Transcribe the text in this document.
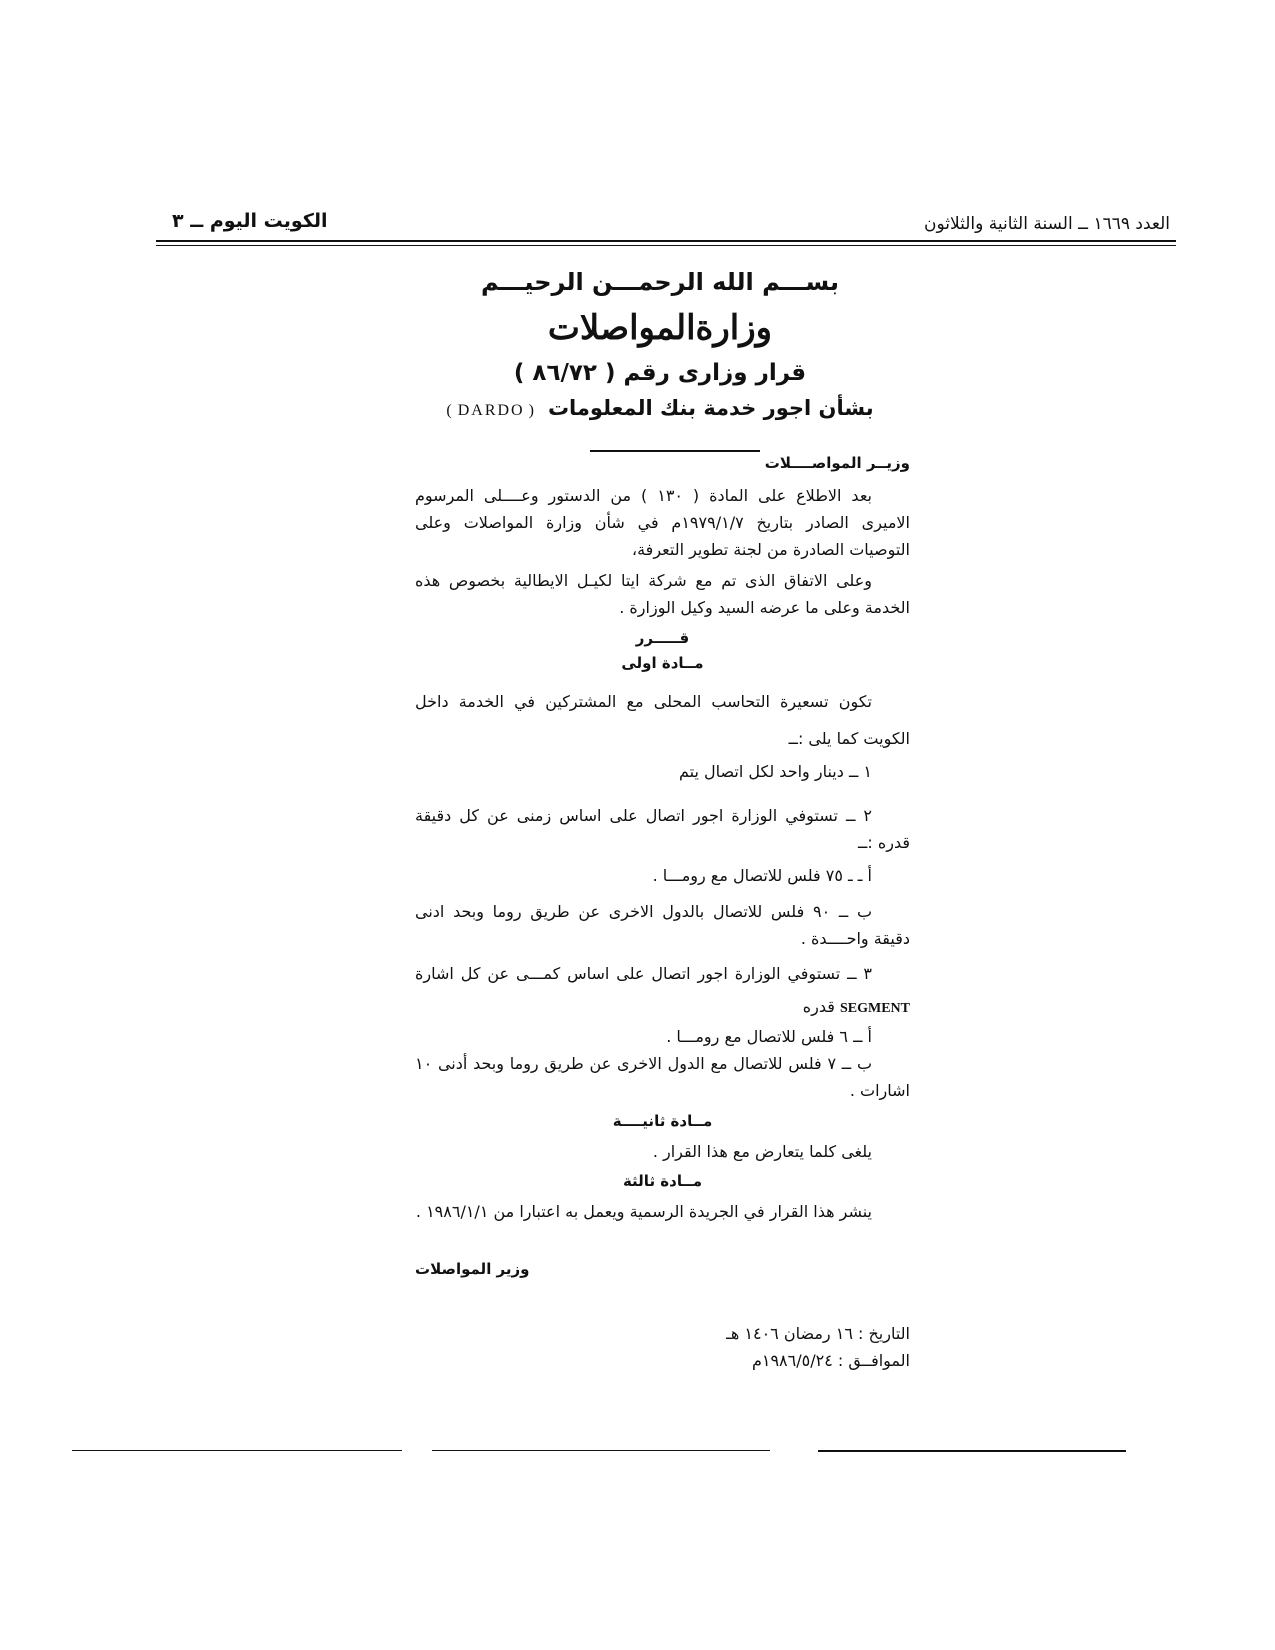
الكويت اليوم ــ ٣	العدد ١٦٦٩ ــ السنة الثانية والثلاثون
بســـم الله الرحمـــن الرحيـــم
وزارةالمواصلات
قرار وزارى رقم ( ٨٦/٧٢ )
بشأن اجور خدمة بنك المعلومات( DARDO )
وزيــر المواصــــلات
بعد الاطلاع على المادة ( ١٣٠ ) من الدستور وعــــلى المرسوم الاميرى الصادر بتاريخ ١٩٧٩/١/٧م في شأن وزارة المواصلات وعلى التوصيات الصادرة من لجنة تطوير التعرفة،
وعلى الاتفاق الذى تم مع شركة ايتا لكيـل الايطالية بخصوص هذه الخدمة وعلى ما عرضه السيد وكيل الوزارة .
قـــــرر
مــادة اولى
تكون تسعيرة التحاسب المحلى مع المشتركين في الخدمة داخل الكويت كما يلى :ــ
١ ــ دينار واحد لكل اتصال يتم
٢ ــ تستوفي الوزارة اجور اتصال على اساس زمنى عن كل دقيقة قدره :ــ
أ ـ ـ ٧٥ فلس للاتصال مع رومـــا .
ب ــ ٩٠ فلس للاتصال بالدول الاخرى عن طريق روما وبحد ادنى دقيقة واحــــدة .
٣ ــ تستوفي الوزارة اجور اتصال على اساس كمـــى عن كل اشارة SEGMENT قدره
أ ــ ٦ فلس للاتصال مع رومـــا .
ب ــ ٧ فلس للاتصال مع الدول الاخرى عن طريق روما وبحد أدنى ١٠ اشارات .
مــادة ثانيــــة
يلغى كلما يتعارض مع هذا القرار .
مــادة ثالثة
ينشر هذا القرار في الجريدة الرسمية ويعمل به اعتبارا من ١٩٨٦/١/١ .
وزير المواصلات
التاريخ : ١٦ رمضان ١٤٠٦ هـ
الموافــق : ١٩٨٦/٥/٢٤م
